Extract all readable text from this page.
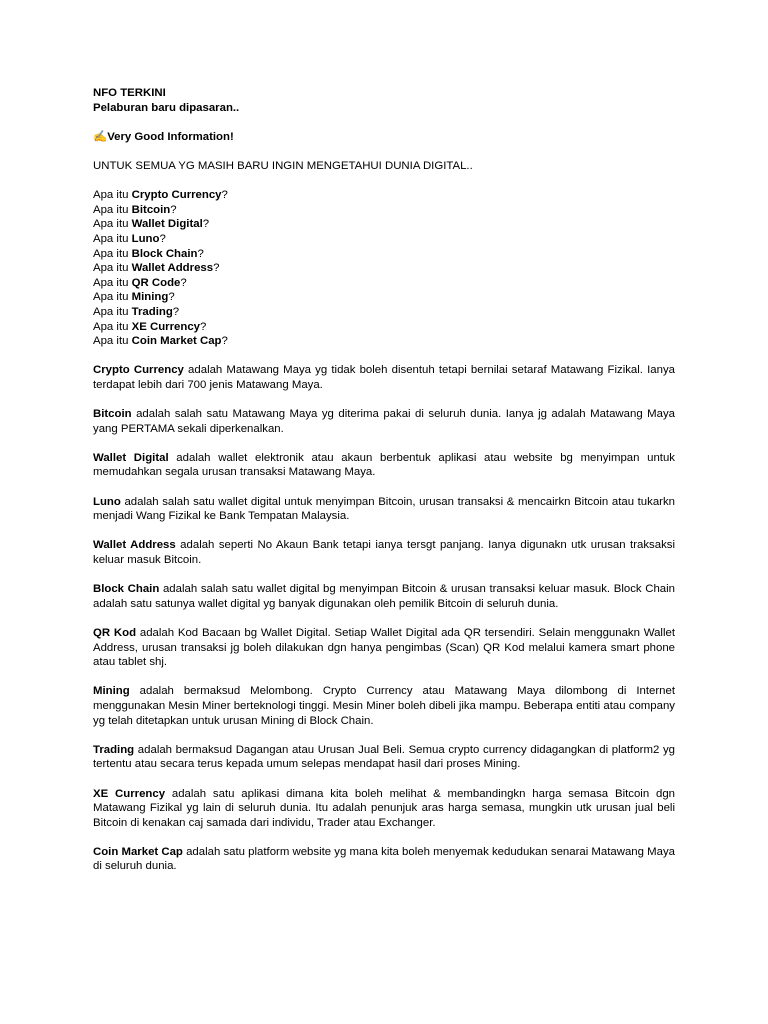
NFO TERKINI
Pelaburan baru dipasaran..
✍Very Good Information!
UNTUK SEMUA YG MASIH BARU INGIN MENGETAHUI DUNIA DIGITAL..
Apa itu Crypto Currency?
Apa itu Bitcoin?
Apa itu Wallet Digital?
Apa itu Luno?
Apa itu Block Chain?
Apa itu Wallet Address?
Apa itu QR Code?
Apa itu Mining?
Apa itu Trading?
Apa itu XE Currency?
Apa itu Coin Market Cap?

Crypto Currency adalah Matawang Maya yg tidak boleh disentuh tetapi bernilai setaraf Matawang Fizikal. Ianya terdapat lebih dari 700 jenis Matawang Maya.

Bitcoin adalah salah satu Matawang Maya yg diterima pakai di seluruh dunia. Ianya jg adalah Matawang Maya yang PERTAMA sekali diperkenalkan.

Wallet Digital adalah wallet elektronik atau akaun berbentuk aplikasi atau website bg menyimpan untuk memudahkan segala urusan transaksi Matawang Maya.

Luno adalah salah satu wallet digital untuk menyimpan Bitcoin, urusan transaksi & mencairkn Bitcoin atau tukarkn menjadi Wang Fizikal ke Bank Tempatan Malaysia.

Wallet Address adalah seperti No Akaun Bank tetapi ianya tersgt panjang. Ianya digunakn utk urusan traksaksi keluar masuk Bitcoin.

Block Chain adalah salah satu wallet digital bg menyimpan Bitcoin & urusan transaksi keluar masuk. Block Chain adalah satu satunya wallet digital yg banyak digunakan oleh pemilik Bitcoin di seluruh dunia.

QR Kod adalah Kod Bacaan bg Wallet Digital. Setiap Wallet Digital ada QR tersendiri. Selain menggunakn Wallet Address, urusan transaksi jg boleh dilakukan dgn hanya pengimbas (Scan) QR Kod melalui kamera smart phone atau tablet shj.

Mining adalah bermaksud Melombong. Crypto Currency atau Matawang Maya dilombong di Internet menggunakan Mesin Miner berteknologi tinggi. Mesin Miner boleh dibeli jika mampu. Beberapa entiti atau company yg telah ditetapkan untuk urusan Mining di Block Chain.

Trading adalah bermaksud Dagangan atau Urusan Jual Beli. Semua crypto currency didagangkan di platform2 yg tertentu atau secara terus kepada umum selepas mendapat hasil dari proses Mining.

XE Currency adalah satu aplikasi dimana kita boleh melihat & membandingkn harga semasa Bitcoin dgn Matawang Fizikal yg lain di seluruh dunia. Itu adalah penunjuk aras harga semasa, mungkin utk urusan jual beli Bitcoin di kenakan caj samada dari individu, Trader atau Exchanger.

Coin Market Cap adalah satu platform website yg mana kita boleh menyemak kedudukan senarai Matawang Maya di seluruh dunia.
